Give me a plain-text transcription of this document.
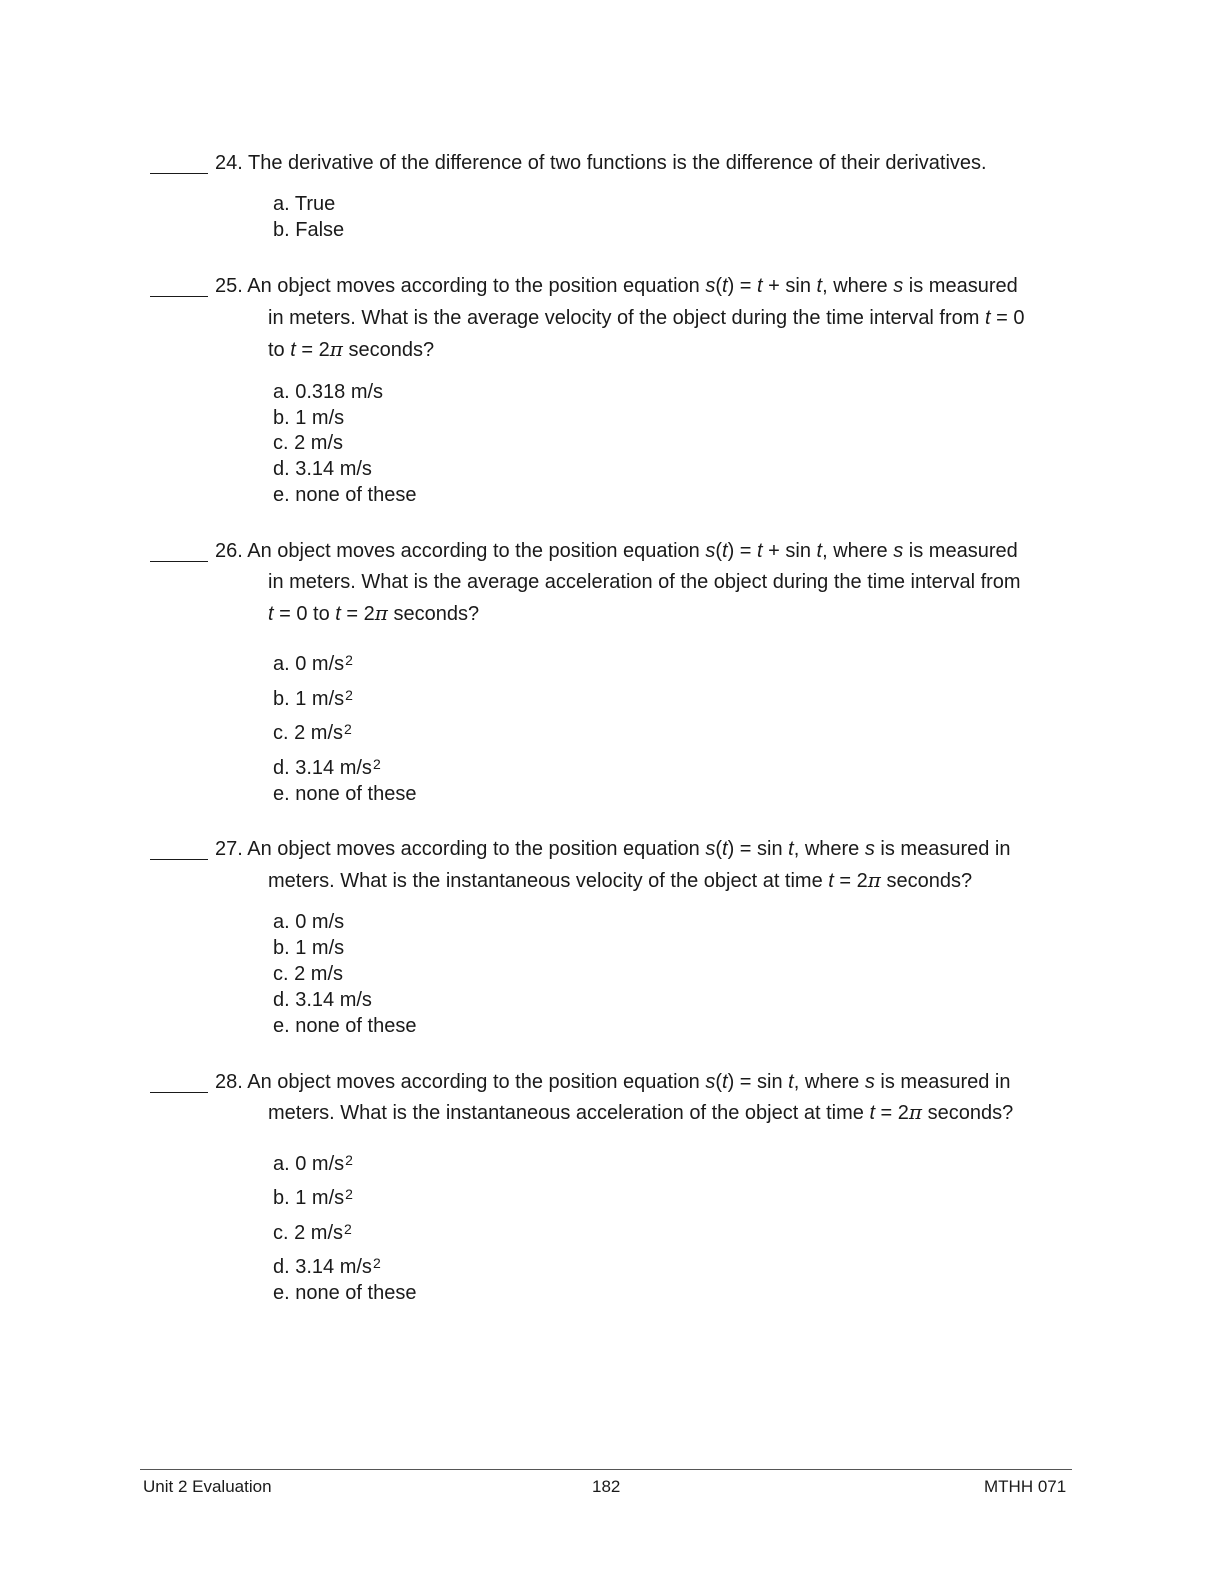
24. The derivative of the difference of two functions is the difference of their derivatives.
a. True
b. False
25. An object moves according to the position equation s(t) = t + sin t, where s is measured
in meters. What is the average velocity of the object during the time interval from t = 0
to t = 2π seconds?
a. 0.318 m/s
b. 1 m/s
c. 2 m/s
d. 3.14 m/s
e. none of these
26. An object moves according to the position equation s(t) = t + sin t, where s is measured
in meters. What is the average acceleration of the object during the time interval from
t = 0 to t = 2π seconds?
a. 0 $m/s^2$
b. 1 $m/s^2$
c. 2 $m/s^2$
d. 3.14 $m/s^2$
e. none of these
27. An object moves according to the position equation s(t) = sin t, where s is measured in
meters. What is the instantaneous velocity of the object at time t = 2π seconds?
a. 0 m/s
b. 1 m/s
c. 2 m/s
d. 3.14 m/s
e. none of these
28. An object moves according to the position equation s(t) = sin t, where s is measured in
meters. What is the instantaneous acceleration of the object at time t = 2π seconds?
a. 0 $m/s^2$
b. 1 $m/s^2$
c. 2 $m/s^2$
d. 3.14 $m/s^2$
e. none of these
Unit 2 Evaluation	182	MTHH 071
